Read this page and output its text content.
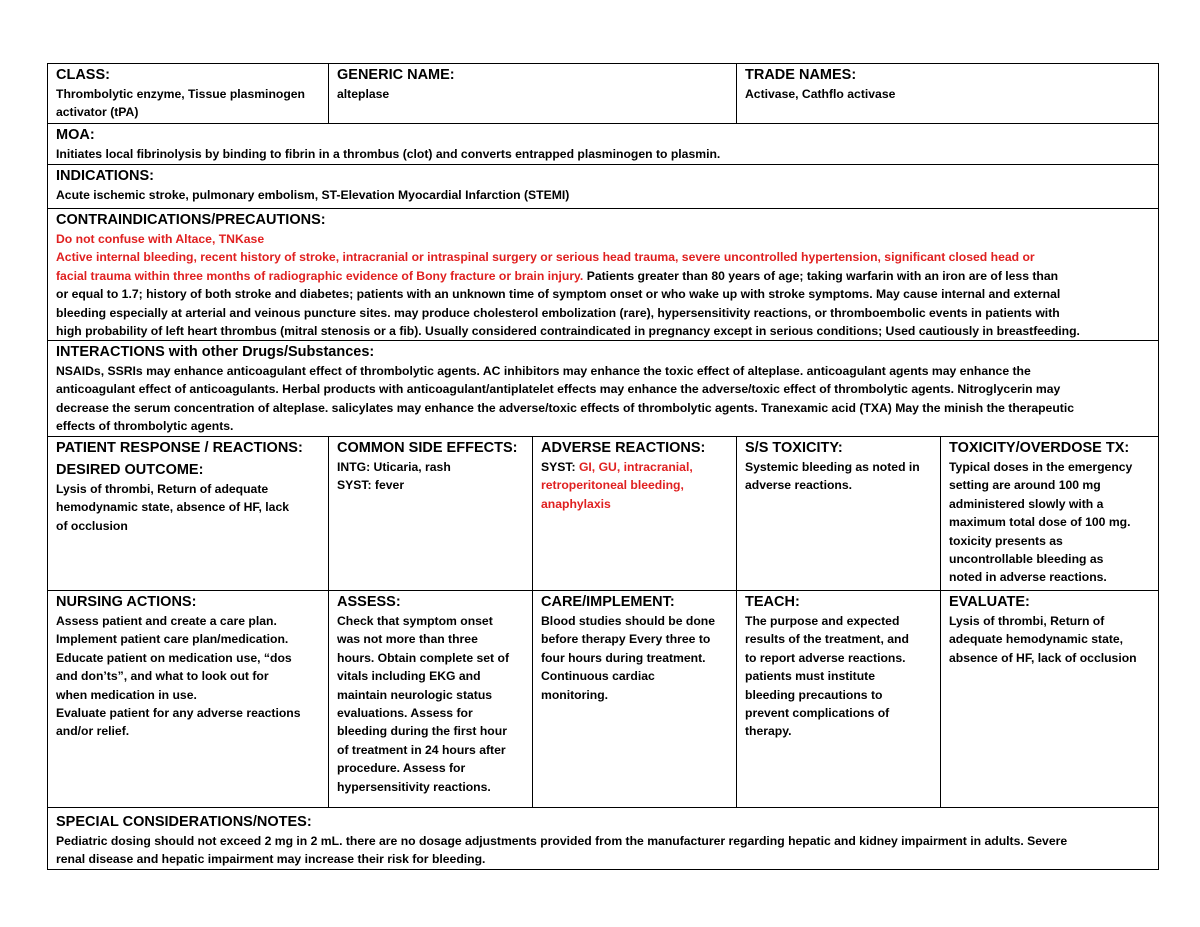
CLASS:
Thrombolytic enzyme, Tissue plasminogen
activator (tPA)
GENERIC NAME:
alteplase
TRADE NAMES:
Activase, Cathflo activase
MOA:
Initiates local fibrinolysis by binding to fibrin in a thrombus (clot) and converts entrapped plasminogen to plasmin.
INDICATIONS:
Acute ischemic stroke, pulmonary embolism, ST-Elevation Myocardial Infarction (STEMI)
CONTRAINDICATIONS/PRECAUTIONS:
Do not confuse with Altace, TNKase
Active internal bleeding, recent history of stroke, intracranial or intraspinal surgery or serious head trauma, severe uncontrolled hypertension, significant closed head or
facial trauma within three months of radiographic evidence of Bony fracture or brain injury. Patients greater than 80 years of age; taking warfarin with an iron are of less than
or equal to 1.7; history of both stroke and diabetes; patients with an unknown time of symptom onset or who wake up with stroke symptoms. May cause internal and external
bleeding especially at arterial and veinous puncture sites. may produce cholesterol embolization (rare), hypersensitivity reactions, or thromboembolic events in patients with
high probability of left heart thrombus (mitral stenosis or a fib). Usually considered contraindicated in pregnancy except in serious conditions; Used cautiously in breastfeeding.
INTERACTIONS with other Drugs/Substances:
NSAIDs, SSRIs may enhance anticoagulant effect of thrombolytic agents. AC inhibitors may enhance the toxic effect of alteplase. anticoagulant agents may enhance the
anticoagulant effect of anticoagulants. Herbal products with anticoagulant/antiplatelet effects may enhance the adverse/toxic effect of thrombolytic agents. Nitroglycerin may
decrease the serum concentration of alteplase. salicylates may enhance the adverse/toxic effects of thrombolytic agents. Tranexamic acid (TXA) May the minish the therapeutic
effects of thrombolytic agents.
PATIENT RESPONSE / REACTIONS:
DESIRED OUTCOME:
Lysis of thrombi, Return of adequate
hemodynamic state, absence of HF, lack
of occlusion
COMMON SIDE EFFECTS:
INTG: Uticaria, rash
SYST: fever
ADVERSE REACTIONS:
SYST: GI, GU, intracranial,
retroperitoneal bleeding,
anaphylaxis
S/S TOXICITY:
Systemic bleeding as noted in
adverse reactions.
TOXICITY/OVERDOSE TX:
Typical doses in the emergency
setting are around 100 mg
administered slowly with a
maximum total dose of 100 mg.
toxicity presents as
uncontrollable bleeding as
noted in adverse reactions.
NURSING ACTIONS:
Assess patient and create a care plan.
Implement patient care plan/medication.
Educate patient on medication use, “dos
and don’ts”, and what to look out for
when medication in use.
Evaluate patient for any adverse reactions
and/or relief.
ASSESS:
Check that symptom onset
was not more than three
hours. Obtain complete set of
vitals including EKG and
maintain neurologic status
evaluations. Assess for
bleeding during the first hour
of treatment in 24 hours after
procedure. Assess for
hypersensitivity reactions.
CARE/IMPLEMENT:
Blood studies should be done
before therapy Every three to
four hours during treatment.
Continuous cardiac
monitoring.
TEACH:
The purpose and expected
results of the treatment, and
to report adverse reactions.
patients must institute
bleeding precautions to
prevent complications of
therapy.
EVALUATE:
Lysis of thrombi, Return of
adequate hemodynamic state,
absence of HF, lack of occlusion
SPECIAL CONSIDERATIONS/NOTES:
Pediatric dosing should not exceed 2 mg in 2 mL. there are no dosage adjustments provided from the manufacturer regarding hepatic and kidney impairment in adults. Severe
renal disease and hepatic impairment may increase their risk for bleeding.
